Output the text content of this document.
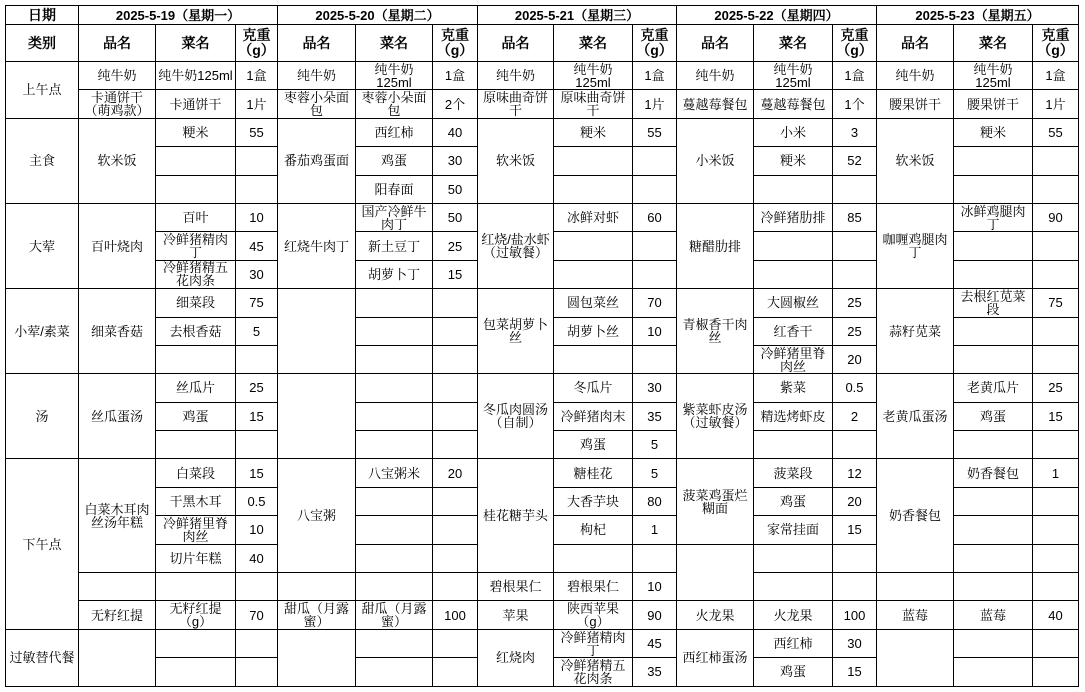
日期	2025-5-19（星期一）			2025-5-20（星期二）			2025-5-21（星期三）			2025-5-22（星期四）			2025-5-23（星期五）		
类别	品名	菜名	克重（g）	品名	菜名	克重（g）	品名	菜名	克重（g）	品名	菜名	克重（g）	品名	菜名	克重（g）
上午点	纯牛奶	纯牛奶125ml	1盒	纯牛奶	纯牛奶125ml	1盒	纯牛奶	纯牛奶125ml	1盒	纯牛奶	纯牛奶125ml	1盒	纯牛奶	纯牛奶125ml	1盒
	卡通饼干（萌鸡款）	卡通饼干	1片	枣蓉小朵面包	枣蓉小朵面包	2个	原味曲奇饼干	原味曲奇饼干	1片	蔓越莓餐包	蔓越莓餐包	1个	腰果饼干	腰果饼干	1片
主食	软米饭	粳米	55	番茄鸡蛋面	西红柿	40	软米饭	粳米	55	小米饭	小米	3	软米饭	粳米	55
					鸡蛋	30					粳米	52			
					阳春面	50									
大荤	百叶烧肉	百叶	10	红烧牛肉丁	国产冷鲜牛肉丁	50	红烧/盐水虾（过敏餐）	冰鲜对虾	60	糖醋肋排	冷鲜猪肋排	85	咖喱鸡腿肉丁	冰鲜鸡腿肉丁	90
		冷鲜猪精肉丁	45		新土豆丁	25									
		冷鲜猪精五花肉条	30		胡萝卜丁	15									
小荤/素菜	细菜香菇	细菜段	75				包菜胡萝卜丝	圆包菜丝	70	青椒香干肉丝	大圆椒丝	25	蒜籽苋菜	去根红苋菜段	75
		去根香菇	5					胡萝卜丝	10		红香干	25			
											冷鲜猪里脊肉丝	20			
汤	丝瓜蛋汤	丝瓜片	25				冬瓜肉圆汤（自制）	冬瓜片	30	紫菜虾皮汤（过敏餐）	紫菜	0.5	老黄瓜蛋汤	老黄瓜片	25
		鸡蛋	15					冷鲜猪肉末	35		精选烤虾皮	2		鸡蛋	15
								鸡蛋	5						
下午点	白菜木耳肉丝汤年糕	白菜段	15	八宝粥	八宝粥米	20	桂花糖芋头	糖桂花	5	菠菜鸡蛋烂糊面	菠菜段	12	奶香餐包	奶香餐包	1
		干黑木耳	0.5					大香芋块	80		鸡蛋	20			
		冷鲜猪里脊肉丝	10					枸杞	1		家常挂面	15			
		切片年糕	40												
							碧根果仁	碧根果仁	10						
	无籽红提	无籽红提（g）	70	甜瓜（月露蜜）	甜瓜（月露蜜）	100	苹果	陕西苹果（g）	90	火龙果	火龙果	100	蓝莓	蓝莓	40
过敏替代餐							红烧肉	冷鲜猪精肉丁	45	西红柿蛋汤	西红柿	30			
								冷鲜猪精五花肉条	35		鸡蛋	15			
